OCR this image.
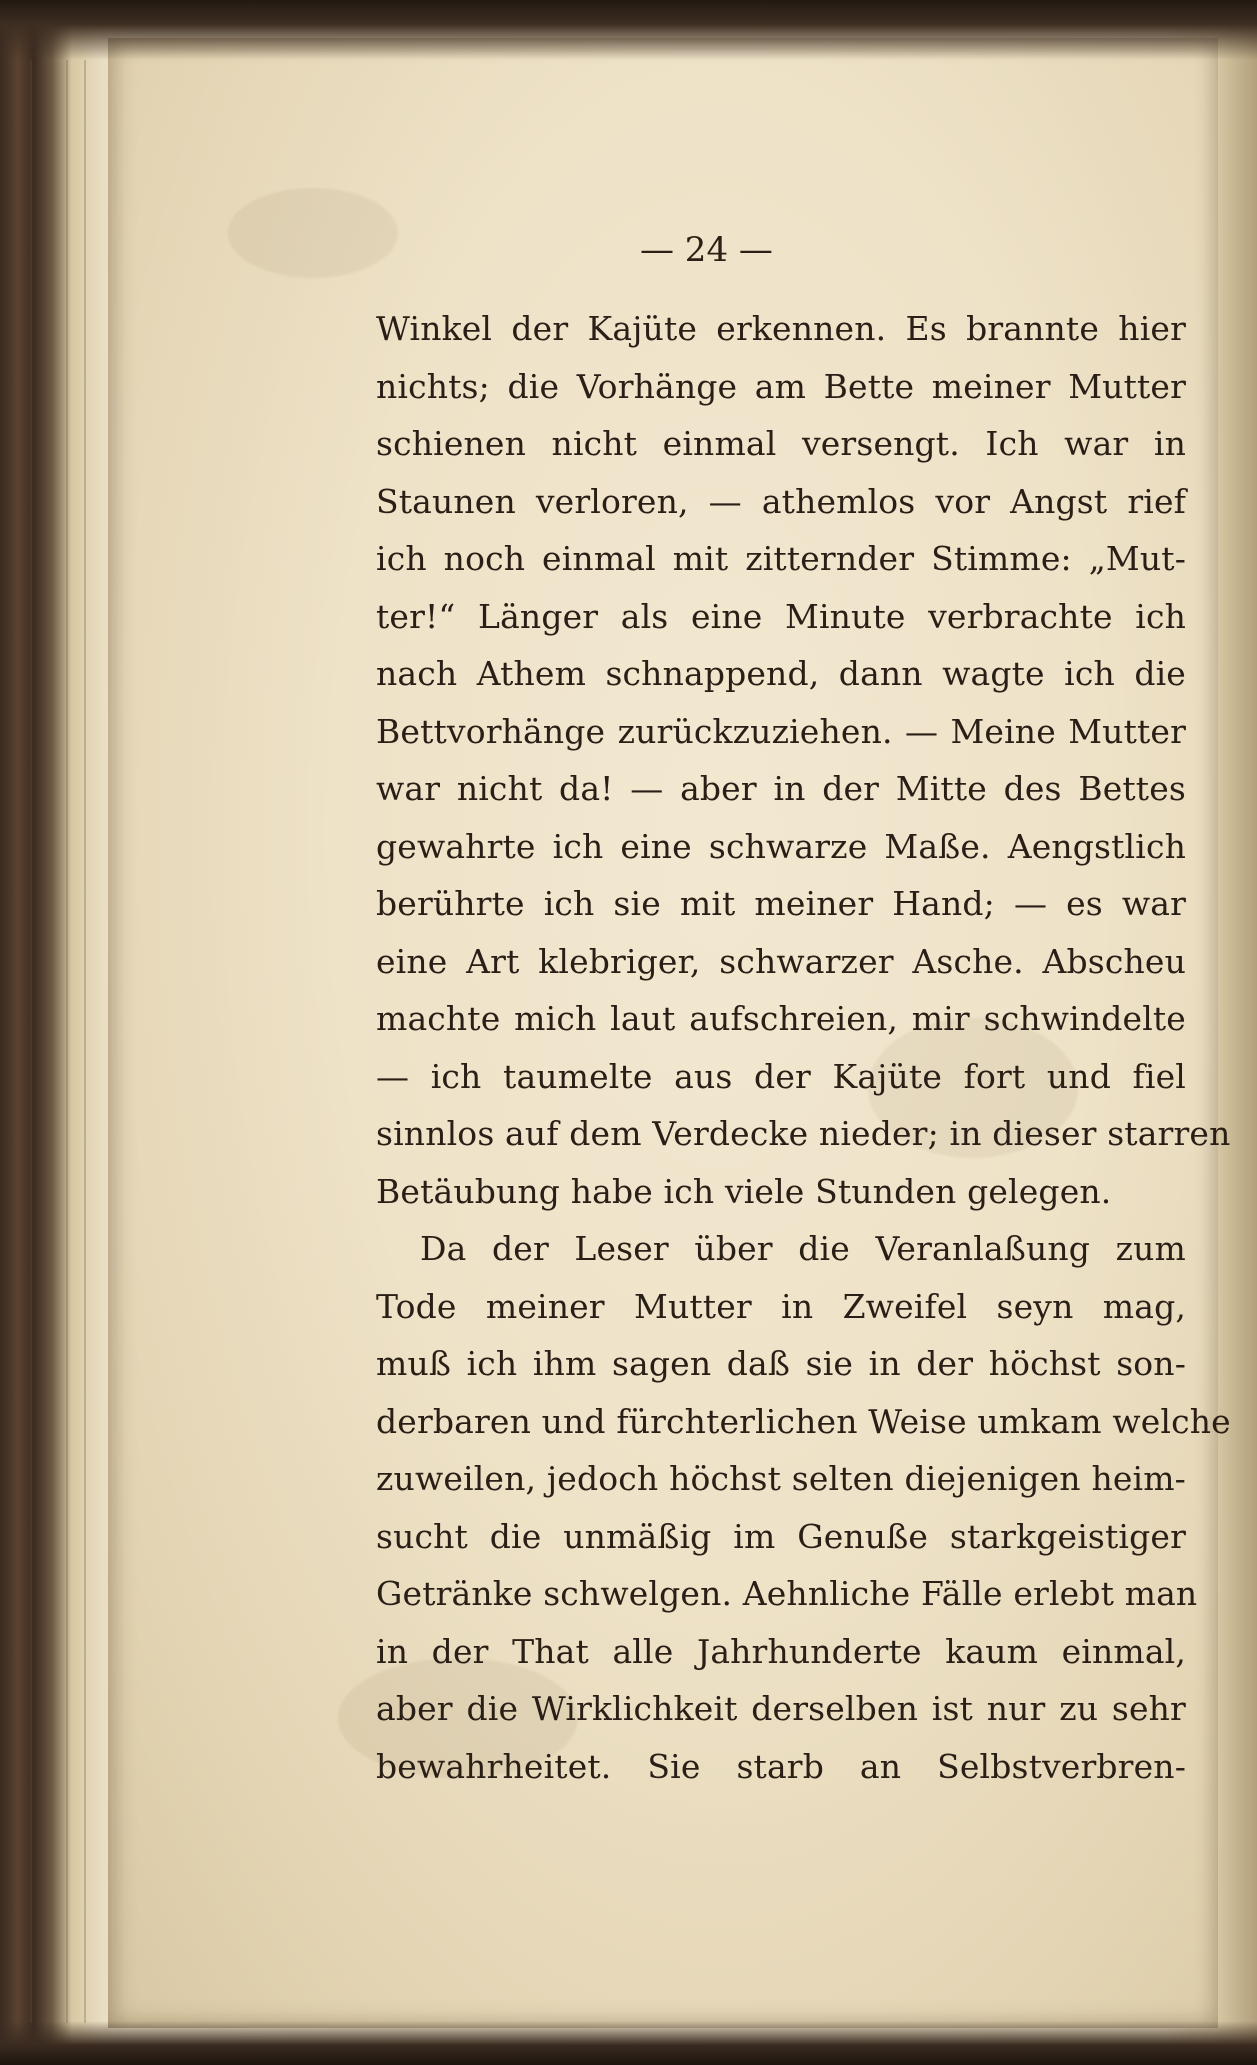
— 24 —
Winkel der Kajüte erkennen. Es brannte hier
nichts; die Vorhänge am Bette meiner Mutter
schienen nicht einmal versengt. Ich war in
Staunen verloren, — athemlos vor Angst rief
ich noch einmal mit zitternder Stimme: „Mut-
ter!“ Länger als eine Minute verbrachte ich
nach Athem schnappend, dann wagte ich die
Bettvorhänge zurückzuziehen. — Meine Mutter
war nicht da! — aber in der Mitte des Bettes
gewahrte ich eine schwarze Maße. Aengstlich
berührte ich sie mit meiner Hand; — es war
eine Art klebriger, schwarzer Asche. Abscheu
machte mich laut aufschreien, mir schwindelte
— ich taumelte aus der Kajüte fort und fiel
sinnlos auf dem Verdecke nieder; in dieser starren
Betäubung habe ich viele Stunden gelegen.
Da der Leser über die Veranlaßung zum
Tode meiner Mutter in Zweifel seyn mag,
muß ich ihm sagen daß sie in der höchst son-
derbaren und fürchterlichen Weise umkam welche
zuweilen, jedoch höchst selten diejenigen heim-
sucht die unmäßig im Genuße starkgeistiger
Getränke schwelgen. Aehnliche Fälle erlebt man
in der That alle Jahrhunderte kaum einmal,
aber die Wirklichkeit derselben ist nur zu sehr
bewahrheitet. Sie starb an Selbstverbren-
